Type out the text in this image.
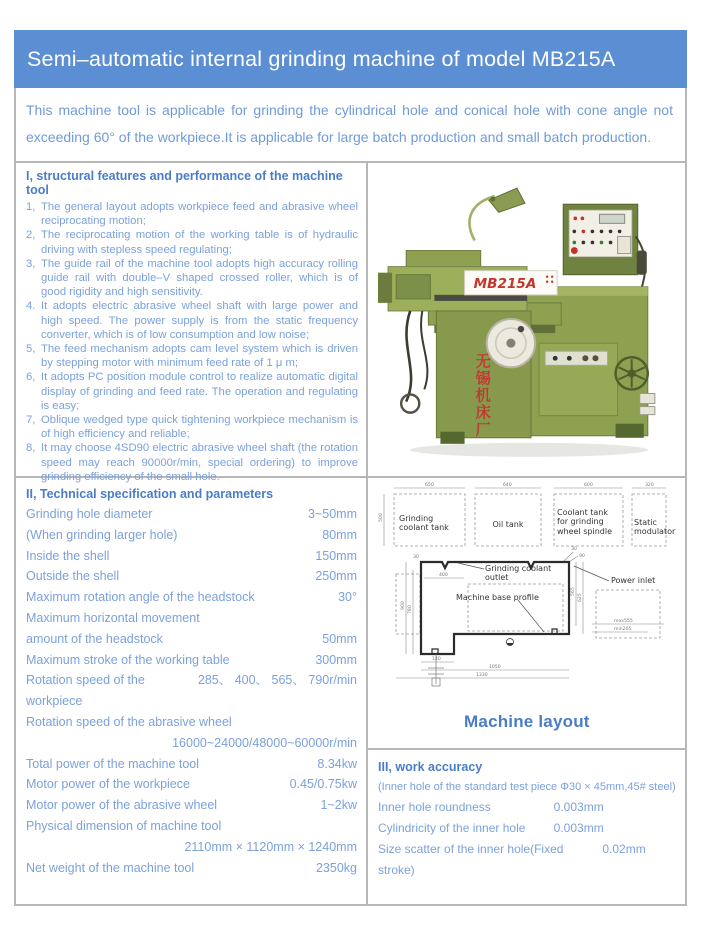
Semi–automatic internal grinding machine of model MB215A

This machine tool is applicable for grinding the cylindrical hole and conical hole with cone angle not exceeding 60° of the workpiece.It is applicable for large batch production and small batch production.

I, structural features and performance of the machine tool
1, The general layout adopts workpiece feed and abrasive wheel reciprocating motion;
2, The reciprocating motion of the working table is of hydraulic driving with stepless speed regulating;
3, The guide rail of the machine tool adopts high accuracy rolling guide rail with double–V shaped crossed roller, which is of good rigidity and high sensitivity.
4. It adopts electric abrasive wheel shaft with large power and high speed. The power supply is from the static frequency converter, which is of low consumption and low noise;
5, The feed mechanism adopts cam level system which is driven by stepping motor with minimum feed rate of 1 μ m;
6, It adopts PC position module control to realize automatic digital display of grinding and feed rate. The operation and regulating is easy;
7, Oblique wedged type quick tightening workpiece mechanism is of high efficiency and reliable;
8, It may choose 4SD90 electric abrasive wheel shaft (the rotation speed may reach 90000r/min, special ordering) to improve grinding efficiency of the small hole.
MB215A
无
锡
机
床
厂
II, Technical specification and parameters
Grinding hole diameter	3~50mm
(When grinding larger hole)	80mm
Inside the shell	150mm
Outside the shell	250mm
Maximum rotation angle of the headstock	30°
Maximum horizontal movement amount of the headstock	50mm
Maximum stroke of the working table	300mm
Rotation speed of the workpiece
285、 400、 565、 790r/min
Rotation speed of the abrasive wheel
16000~24000/48000~60000r/min
Total power of the machine tool	8.34kw
Motor power of the workpiece	0.45/0.75kw
Motor power of the abrasive wheel	1~2kw
Physical dimension of machine tool
2110mm × 1120mm × 1240mm
Net weight of the machine tool	2350kg
650	640	600	320
500
900 780
30
400
565
625
30
90
max555
min205
140
1050
1330
Grinding coolant tank	Oil tank
Coolant tank for grinding wheel spindle
Static modulator
Grinding coolant outlet
Machine base profile
Power inlet
Machine layout
III, work accuracy
(Inner hole of the standard test piece Φ30 × 45mm,45# steel)
Inner hole roundness	0.003mm
Cylindricity of the inner hole 0.003mm
Size scatter of the inner hole(Fixed stroke)
0.02mm
